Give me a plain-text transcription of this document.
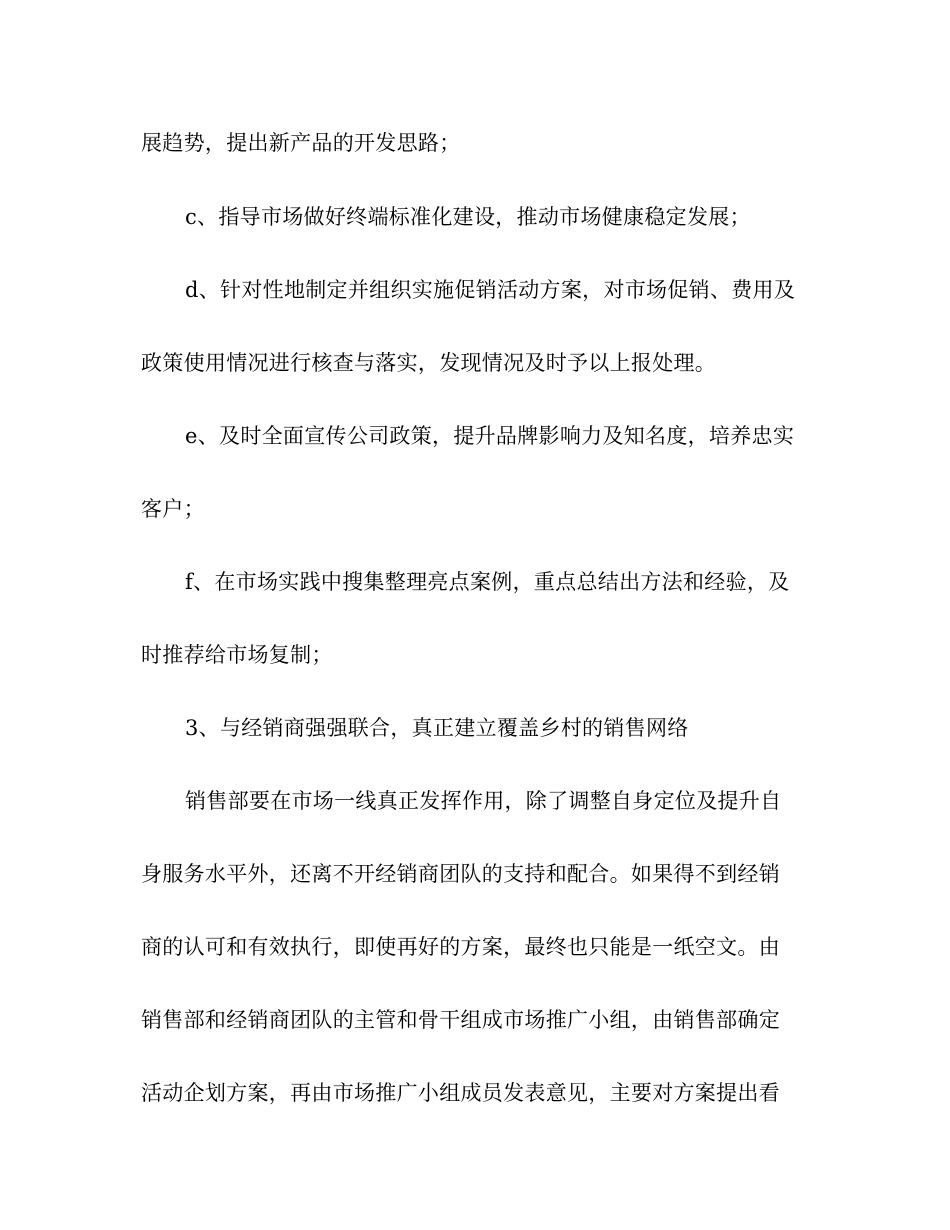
展趋势，提出新产品的开发思路；
c、指导市场做好终端标准化建设，推动市场健康稳定发展；
d、针对性地制定并组织实施促销活动方案，对市场促销、费用及
政策使用情况进行核查与落实，发现情况及时予以上报处理。
e、及时全面宣传公司政策，提升品牌影响力及知名度，培养忠实
客户；
f、在市场实践中搜集整理亮点案例，重点总结出方法和经验，及
时推荐给市场复制；
3、与经销商强强联合，真正建立覆盖乡村的销售网络
销售部要在市场一线真正发挥作用，除了调整自身定位及提升自
身服务水平外，还离不开经销商团队的支持和配合。如果得不到经销
商的认可和有效执行，即使再好的方案，最终也只能是一纸空文。由
销售部和经销商团队的主管和骨干组成市场推广小组，由销售部确定
活动企划方案，再由市场推广小组成员发表意见，主要对方案提出看
